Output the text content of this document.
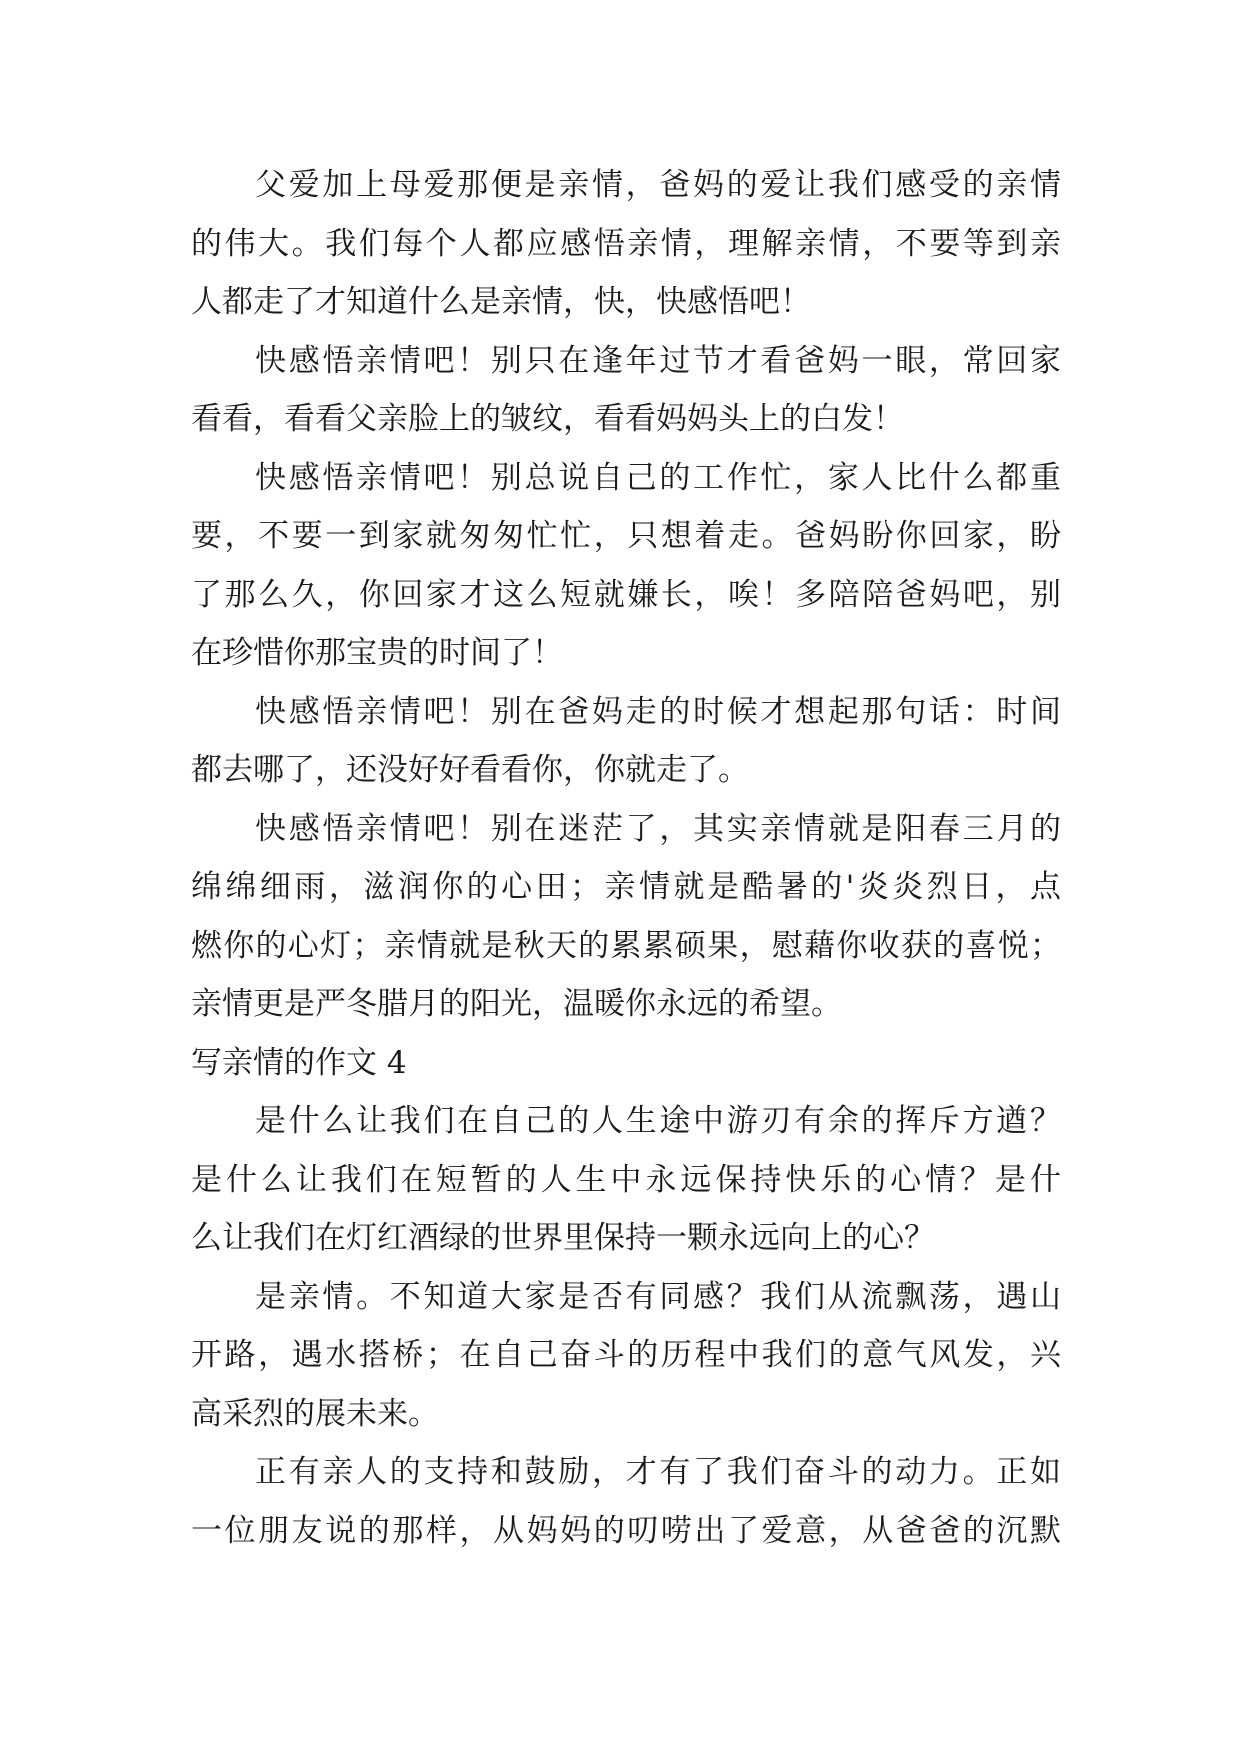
父爱加上母爱那便是亲情，爸妈的爱让我们感受的亲情
的伟大。我们每个人都应感悟亲情，理解亲情，不要等到亲
人都走了才知道什么是亲情，快，快感悟吧！
快感悟亲情吧！别只在逢年过节才看爸妈一眼，常回家
看看，看看父亲脸上的皱纹，看看妈妈头上的白发！
快感悟亲情吧！别总说自己的工作忙，家人比什么都重
要，不要一到家就匆匆忙忙，只想着走。爸妈盼你回家，盼
了那么久，你回家才这么短就嫌长，唉！多陪陪爸妈吧，别
在珍惜你那宝贵的时间了！
快感悟亲情吧！别在爸妈走的时候才想起那句话：时间
都去哪了，还没好好看看你，你就走了。
快感悟亲情吧！别在迷茫了，其实亲情就是阳春三月的
绵绵细雨，滋润你的心田；亲情就是酷暑的'炎炎烈日，点
燃你的心灯；亲情就是秋天的累累硕果，慰藉你收获的喜悦；
亲情更是严冬腊月的阳光，温暖你永远的希望。
写亲情的作文 4
是什么让我们在自己的人生途中游刃有余的挥斥方遒？
是什么让我们在短暂的人生中永远保持快乐的心情？是什
么让我们在灯红酒绿的世界里保持一颗永远向上的心？
是亲情。不知道大家是否有同感？我们从流飘荡，遇山
开路，遇水搭桥；在自己奋斗的历程中我们的意气风发，兴
高采烈的展未来。
正有亲人的支持和鼓励，才有了我们奋斗的动力。正如
一位朋友说的那样，从妈妈的叨唠出了爱意，从爸爸的沉默
